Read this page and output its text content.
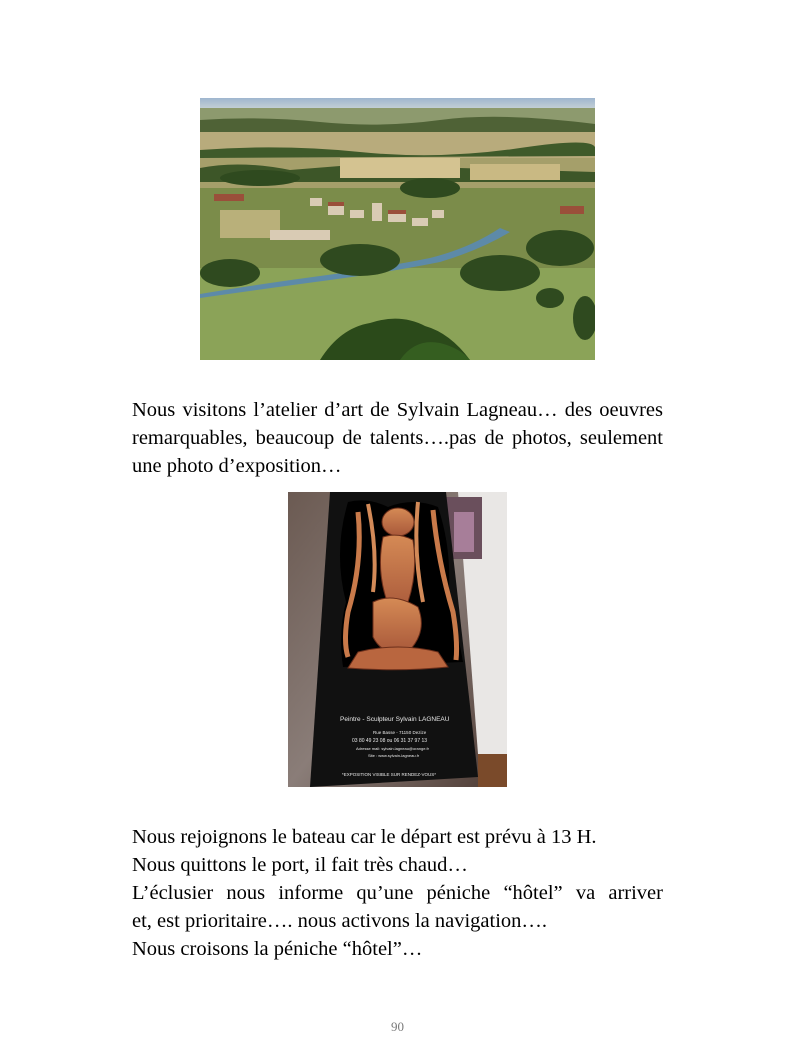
Nous visitons l’atelier d’art de Sylvain Lagneau… des oeuvres remarquables, beaucoup de talents….pas de photos, seulement une photo d’exposition…
Peintre - Sculpteur Sylvain LAGNEAU
Rue Basse - 71150 Dezize
03 80 49 23 08 ou 06 31 37 97 13
Adresse mail: sylvain.lagneau@orange.fr
Site : www.sylvain-lagneau.fr
*EXPOSITION VISIBLE SUR RENDEZ-VOUS*
Nous rejoignons le bateau car le départ est prévu à 13 H.
Nous quittons le port, il fait très chaud…
L’éclusier nous informe qu’une péniche “hôtel” va arriver
et, est prioritaire…. nous activons la navigation….
Nous croisons la péniche “hôtel”…
90
